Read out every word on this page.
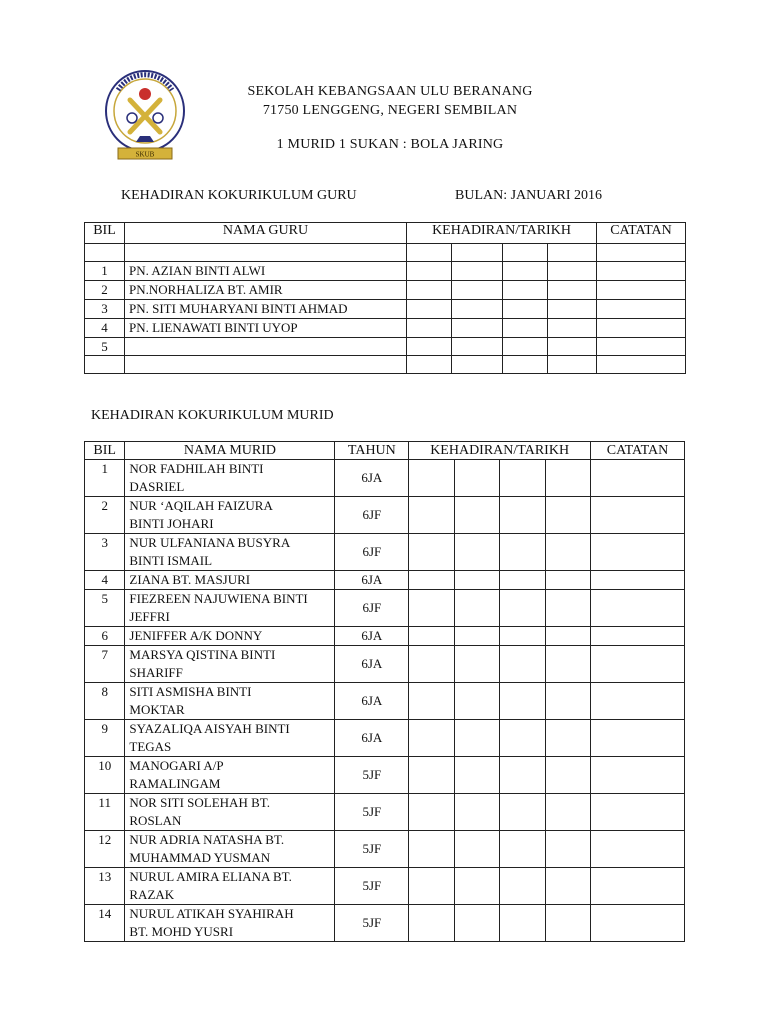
SKUB
SEKOLAH KEBANGSAAN ULU BERANANG
71750 LENGGENG, NEGERI SEMBILAN
1 MURID 1 SUKAN : BOLA JARING
KEHADIRAN KOKURIKULUM GURU	BULAN: JANUARI 2016
BIL	NAMA GURU	KEHADIRAN/TARIKH				CATATAN

1	PN. AZIAN BINTI ALWI					
2	PN.NORHALIZA BT. AMIR					
3	PN. SITI MUHARYANI BINTI AHMAD					
4	PN. LIENAWATI BINTI UYOP					
5						

KEHADIRAN KOKURIKULUM MURID
BIL	NAMA MURID	TAHUN	KEHADIRAN/TARIKH				CATATAN
1	NOR FADHILAH BINTI
DASRIEL	6JA					
2	NUR ‘AQILAH FAIZURA
BINTI JOHARI	6JF					
3	NUR ULFANIANA BUSYRA
BINTI ISMAIL	6JF					
4	ZIANA BT. MASJURI	6JA					
5	FIEZREEN NAJUWIENA BINTI
JEFFRI	6JF					
6	JENIFFER A/K DONNY	6JA					
7	MARSYA QISTINA BINTI
SHARIFF	6JA					
8	SITI ASMISHA BINTI
MOKTAR	6JA					
9	SYAZALIQA AISYAH BINTI
TEGAS	6JA					
10	MANOGARI A/P
RAMALINGAM	5JF					
11	NOR SITI SOLEHAH BT.
ROSLAN	5JF					
12	NUR ADRIA NATASHA BT.
MUHAMMAD YUSMAN	5JF					
13	NURUL AMIRA ELIANA BT.
RAZAK	5JF					
14	NURUL ATIKAH SYAHIRAH
BT. MOHD YUSRI	5JF					
